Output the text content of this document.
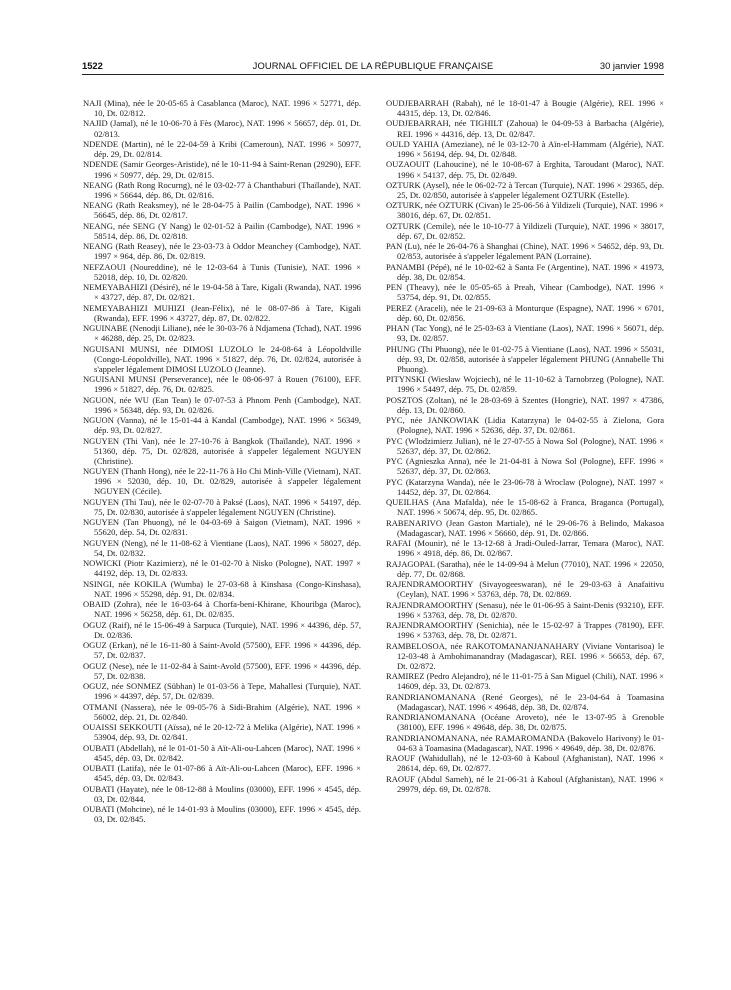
1522	JOURNAL OFFICIEL DE LA RÉPUBLIQUE FRANÇAISE	30 janvier 1998

NAJI (Mina), née le 20-05-65 à Casablanca (Maroc), NAT. 1996 × 52771, dép. 10, Dt. 02/812.

NAJID (Jamal), né le 10-06-70 à Fès (Maroc), NAT. 1996 × 56657, dép. 01, Dt. 02/813.

NDENDE (Martin), né le 22-04-59 à Kribi (Cameroun), NAT. 1996 × 50977, dép. 29, Dt. 02/814.

NDENDE (Samir Georges-Aristide), né le 10-11-94 à Saint-Renan (29290), EFF. 1996 × 50977, dép. 29, Dt. 02/815.

NEANG (Rath Rong Rocurng), né le 03-02-77 à Chanthaburi (Thaïlande), NAT. 1996 × 56644, dép. 86, Dt. 02/816.

NEANG (Rath Reaksmey), né le 28-04-75 à Pailin (Cambodge), NAT. 1996 × 56645, dép. 86, Dt. 02/817.

NEANG, née SENG (Y Nang) le 02-01-52 à Pailin (Cambodge), NAT. 1996 × 58514, dép. 86, Dt. 02/818.

NEANG (Rath Reasey), née le 23-03-73 à Oddor Meanchey (Cambodge), NAT. 1997 × 964, dép. 86, Dt. 02/819.

NEFZAOUI (Noureddine), né le 12-03-64 à Tunis (Tunisie), NAT. 1996 × 52018, dép. 10, Dt. 02/820.

NEMEYABAHIZI (Désiré), né le 19-04-58 à Tare, Kigali (Rwanda), NAT. 1996 × 43727, dép. 87, Dt. 02/821.

NEMEYABAHIZI MUHIZI (Jean-Félix), né le 08-07-86 à Tare, Kigali (Rwanda), EFF. 1996 × 43727, dép. 87, Dt. 02/822.

NGUINABE (Nenodji Liliane), née le 30-03-76 à Ndjamena (Tchad), NAT. 1996 × 46288, dép. 25, Dt. 02/823.

NGUISANI MUNSI, née DIMOSI LUZOLO le 24-08-64 à Léopoldville (Congo-Léopoldville), NAT. 1996 × 51827, dép. 76, Dt. 02/824, autorisée à s'appeler légalement DIMOSI LUZOLO (Jeanne).

NGUISANI MUNSI (Perseverance), née le 08-06-97 à Rouen (76100), EFF. 1996 × 51827, dép. 76, Dt. 02/825.

NGUON, née WU (Ean Tean) le 07-07-53 à Phnom Penh (Cambodge), NAT. 1996 × 56348, dép. 93, Dt. 02/826.

NGUON (Vanna), né le 15-01-44 à Kandal (Cambodge), NAT. 1996 × 56349, dép. 93, Dt. 02/827.

NGUYEN (Thi Van), née le 27-10-76 à Bangkok (Thaïlande), NAT. 1996 × 51360, dép. 75, Dt. 02/828, autorisée à s'appeler légalement NGUYEN (Christine).

NGUYEN (Thanh Hong), née le 22-11-76 à Ho Chi Minh-Ville (Vietnam), NAT. 1996 × 52030, dép. 10, Dt. 02/829, autorisée à s'appeler légalement NGUYEN (Cécile).

NGUYEN (Thi Tau), née le 02-07-70 à Paksé (Laos), NAT. 1996 × 54197, dép. 75, Dt. 02/830, autorisée à s'appeler légalement NGUYEN (Christine).

NGUYEN (Tan Phuong), né le 04-03-69 à Saigon (Vietnam), NAT. 1996 × 55620, dép. 54, Dt. 02/831.

NGUYEN (Neng), né le 11-08-62 à Vientiane (Laos), NAT. 1996 × 58027, dép. 54, Dt. 02/832.

NOWICKI (Piotr Kazimierz), né le 01-02-70 à Nisko (Pologne), NAT. 1997 × 44192, dép. 13, Dt. 02/833.

NSINGI, née KOKILA (Wumba) le 27-03-68 à Kinshasa (Congo-Kinshasa), NAT. 1996 × 55298, dép. 91, Dt. 02/834.

OBAID (Zohra), née le 16-03-64 à Chorfa-beni-Khirane, Khouribga (Maroc), NAT. 1996 × 56258, dép. 61, Dt. 02/835.

OGUZ (Raif), né le 15-06-49 à Sarpuca (Turquie), NAT. 1996 × 44396, dép. 57, Dt. 02/836.

OGUZ (Erkan), né le 16-11-80 à Saint-Avold (57500), EFF. 1996 × 44396, dép. 57, Dt. 02/837.

OGUZ (Nese), née le 11-02-84 à Saint-Avold (57500), EFF. 1996 × 44396, dép. 57, Dt. 02/838.

OGUZ, née SONMEZ (Sübhan) le 01-03-56 à Tepe, Mahallesi (Turquie), NAT. 1996 × 44397, dép. 57, Dt. 02/839.

OTMANI (Nassera), née le 09-05-76 à Sidi-Brahim (Algérie), NAT. 1996 × 56002, dép. 21, Dt. 02/840.

OUAISSI SEKKOUTI (Aïssa), né le 20-12-72 à Melika (Algérie), NAT. 1996 × 53904, dép. 93, Dt. 02/841.

OUBATI (Abdellah), né le 01-01-50 à Aït-Ali-ou-Lahcen (Maroc), NAT. 1996 × 4545, dép. 03, Dt. 02/842.

OUBATI (Latifa), née le 01-07-86 à Aït-Ali-ou-Lahcen (Maroc), EFF. 1996 × 4545, dép. 03, Dt. 02/843.

OUBATI (Hayate), née le 08-12-88 à Moulins (03000), EFF. 1996 × 4545, dép. 03, Dt. 02/844.

OUBATI (Mohcine), né le 14-01-93 à Moulins (03000), EFF. 1996 × 4545, dép. 03, Dt. 02/845.

OUDJEBARRAH (Rabah), né le 18-01-47 à Bougie (Algérie), REI. 1996 × 44315, dép. 13, Dt. 02/846.

OUDJEBARRAH, née TIGHILT (Zahoua) le 04-09-53 à Barbacha (Algérie), REI. 1996 × 44316, dép. 13, Dt. 02/847.

OULD YAHIA (Ameziane), né le 03-12-70 à Aïn-el-Hammam (Algérie), NAT. 1996 × 56194, dép. 94, Dt. 02/848.

OUZAOUIT (Lahoucine), né le 10-08-67 à Erghita, Taroudant (Maroc), NAT. 1996 × 54137, dép. 75, Dt. 02/849.

OZTURK (Aysel), née le 06-02-72 à Tercan (Turquie), NAT. 1996 × 29365, dép. 25, Dt. 02/850, autorisée à s'appeler légalement OZTURK (Estelle).

OZTURK, née OZTURK (Civan) le 25-06-56 à Yildizeli (Turquie), NAT. 1996 × 38016, dép. 67, Dt. 02/851.

OZTURK (Cemile), née le 10-10-77 à Yildizeli (Turquie), NAT. 1996 × 38017, dép. 67, Dt. 02/852.

PAN (Lu), née le 26-04-76 à Shanghai (Chine), NAT. 1996 × 54652, dép. 93, Dt. 02/853, autorisée à s'appeler légalement PAN (Lorraine).

PANAMBI (Pépé), né le 10-02-62 à Santa Fe (Argentine), NAT. 1996 × 41973, dép. 38, Dt. 02/854.

PEN (Theavy), née le 05-05-65 à Preah, Vihear (Cambodge), NAT. 1996 × 53754, dép. 91, Dt. 02/855.

PEREZ (Araceli), née le 21-09-63 à Monturque (Espagne), NAT. 1996 × 6701, dép. 60, Dt. 02/856.

PHAN (Tac Yong), né le 25-03-63 à Vientiane (Laos), NAT. 1996 × 56071, dép. 93, Dt. 02/857.

PHUNG (Thi Phuong), née le 01-02-75 à Vientiane (Laos), NAT. 1996 × 55031, dép. 93, Dt. 02/858, autorisée à s'appeler légalement PHUNG (Annabelle Thi Phuong).

PITYNSKI (Wiesław Wojciech), né le 11-10-62 à Tarnobrzeg (Pologne), NAT. 1996 × 54497, dép. 75, Dt. 02/859.

POSZTOS (Zoltan), né le 28-03-69 à Szentes (Hongrie), NAT. 1997 × 47386, dép. 13, Dt. 02/860.

PYC, née JANKOWIAK (Lidia Katarzyna) le 04-02-55 à Zielona, Gora (Pologne), NAT. 1996 × 52636, dép. 37, Dt. 02/861.

PYC (Wlodzimierz Julian), né le 27-07-55 à Nowa Sol (Pologne), NAT. 1996 × 52637, dép. 37, Dt. 02/862.

PYC (Agnieszka Anna), née le 21-04-81 à Nowa Sol (Pologne), EFF. 1996 × 52637, dép. 37, Dt. 02/863.

PYC (Katarzyna Wanda), née le 23-06-78 à Wroclaw (Pologne), NAT. 1997 × 14452, dép. 37, Dt. 02/864.

QUEILHAS (Ana Mafalda), née le 15-08-62 à Franca, Braganca (Portugal), NAT. 1996 × 50674, dép. 95, Dt. 02/865.

RABENARIVO (Jean Gaston Martiale), né le 29-06-76 à Belindo, Makasoa (Madagascar), NAT. 1996 × 56660, dép. 91, Dt. 02/866.

RAFAI (Mounir), né le 13-12-68 à Jradi-Ouled-Jarrar, Temara (Maroc), NAT. 1996 × 4918, dép. 86, Dt. 02/867.

RAJAGOPAL (Saratha), née le 14-09-94 à Melun (77010), NAT. 1996 × 22050, dép. 77, Dt. 02/868.

RAJENDRAMOORTHY (Sivayogeeswaran), né le 29-03-63 à Anafaitivu (Ceylan), NAT. 1996 × 53763, dép. 78, Dt. 02/869.

RAJENDRAMOORTHY (Senasu), née le 01-06-95 à Saint-Denis (93210), EFF. 1996 × 53763, dép. 78, Dt. 02/870.

RAJENDRAMOORTHY (Senichia), née le 15-02-97 à Trappes (78190), EFF. 1996 × 53763, dép. 78, Dt. 02/871.

RAMBELOSOA, née RAKOTOMANANJANAHARY (Viviane Vontarisoa) le 12-03-48 à Ambohimanandray (Madagascar), REI. 1996 × 56653, dép. 67, Dt. 02/872.

RAMIREZ (Pedro Alejandro), né le 11-01-75 à San Miguel (Chili), NAT. 1996 × 14609, dép. 33, Dt. 02/873.

RANDRIANOMANANA (René Georges), né le 23-04-64 à Toamasina (Madagascar), NAT. 1996 × 49648, dép. 38, Dt. 02/874.

RANDRIANOMANANA (Océane Aroveto), née le 13-07-95 à Grenoble (38100), EFF. 1996 × 49648, dép. 38, Dt. 02/875.

RANDRIANOMANANA, née RAMAROMANDA (Bakovelo Harivony) le 01-04-63 à Toamasina (Madagascar), NAT. 1996 × 49649, dép. 38, Dt. 02/876.

RAOUF (Wahidullah), né le 12-03-60 à Kaboul (Afghanistan), NAT. 1996 × 28614, dép. 69, Dt. 02/877.

RAOUF (Abdul Sameh), né le 21-06-31 à Kaboul (Afghanistan), NAT. 1996 × 29979, dép. 69, Dt. 02/878.
